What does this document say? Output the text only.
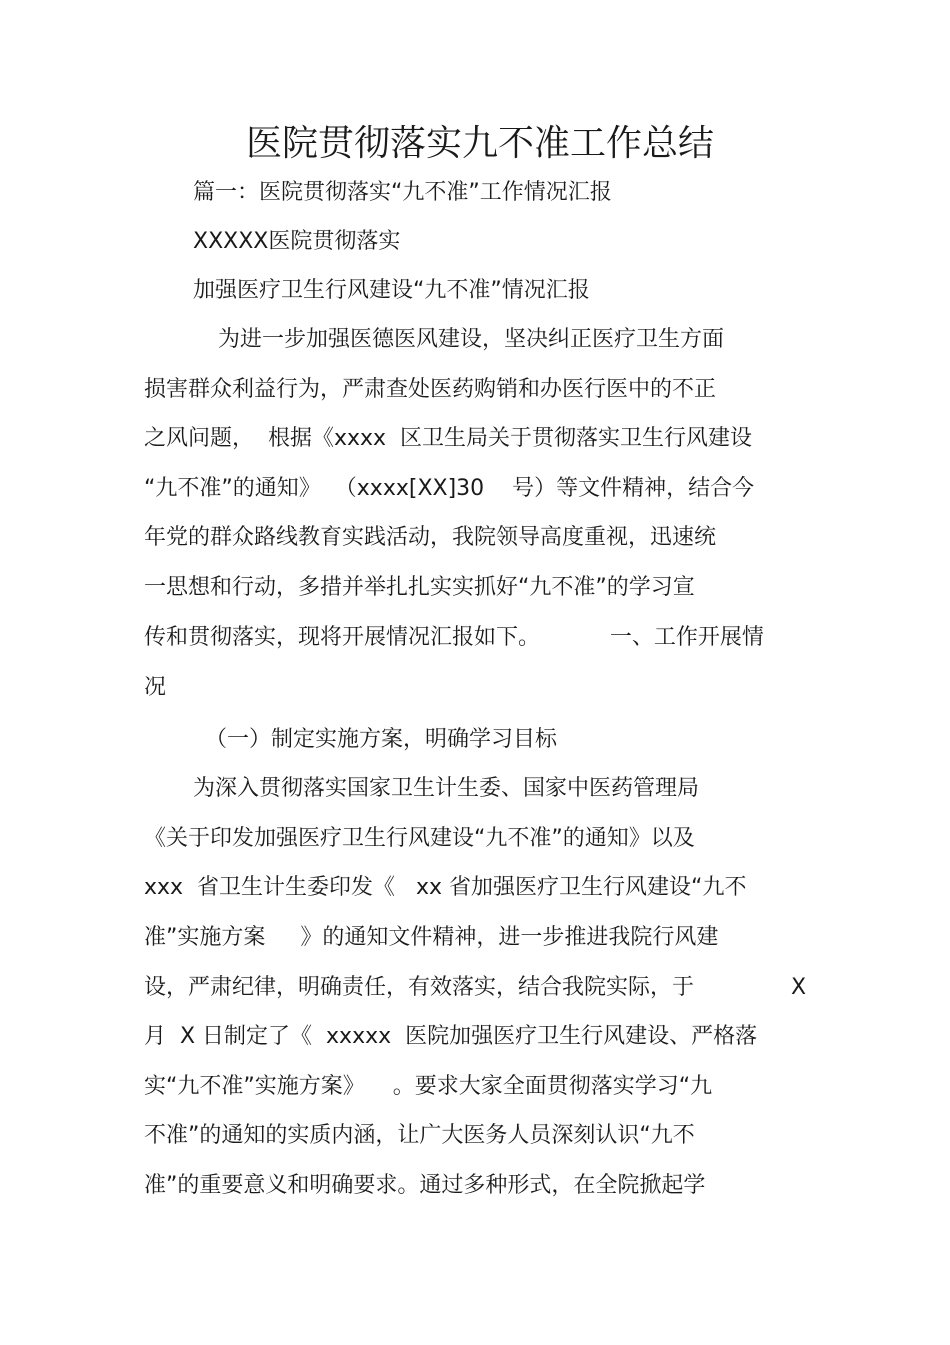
医院贯彻落实九不准工作总结
篇一：医院贯彻落实“九不准”工作情况汇报
XXXXX医院贯彻落实
加强医疗卫生行风建设“九不准”情况汇报
为进一步加强医德医风建设，坚决纠正医疗卫生方面
损害群众利益行为，严肃查处医药购销和办医行医中的不正
之风问题，  根据《xxxx  区卫生局关于贯彻落实卫生行风建设
“九不准”的通知》  （xxxx[XX]30    号）等文件精神，结合今
年党的群众路线教育实践活动，我院领导高度重视，迅速统
一思想和行动，多措并举扎扎实实抓好“九不准”的学习宣
传和贯彻落实，现将开展情况汇报如下。          一、工作开展情
况
（一）制定实施方案，明确学习目标
为深入贯彻落实国家卫生计生委、国家中医药管理局
《关于印发加强医疗卫生行风建设“九不准”的通知》以及
xxx  省卫生计生委印发《   xx 省加强医疗卫生行风建设“九不
准”实施方案     》的通知文件精神，进一步推进我院行风建
设，严肃纪律，明确责任，有效落实，结合我院实际，于	X
月  X 日制定了《  xxxxx  医院加强医疗卫生行风建设、严格落
实“九不准”实施方案》    。要求大家全面贯彻落实学习“九
不准”的通知的实质内涵，让广大医务人员深刻认识“九不
准”的重要意义和明确要求。通过多种形式，在全院掀起学
